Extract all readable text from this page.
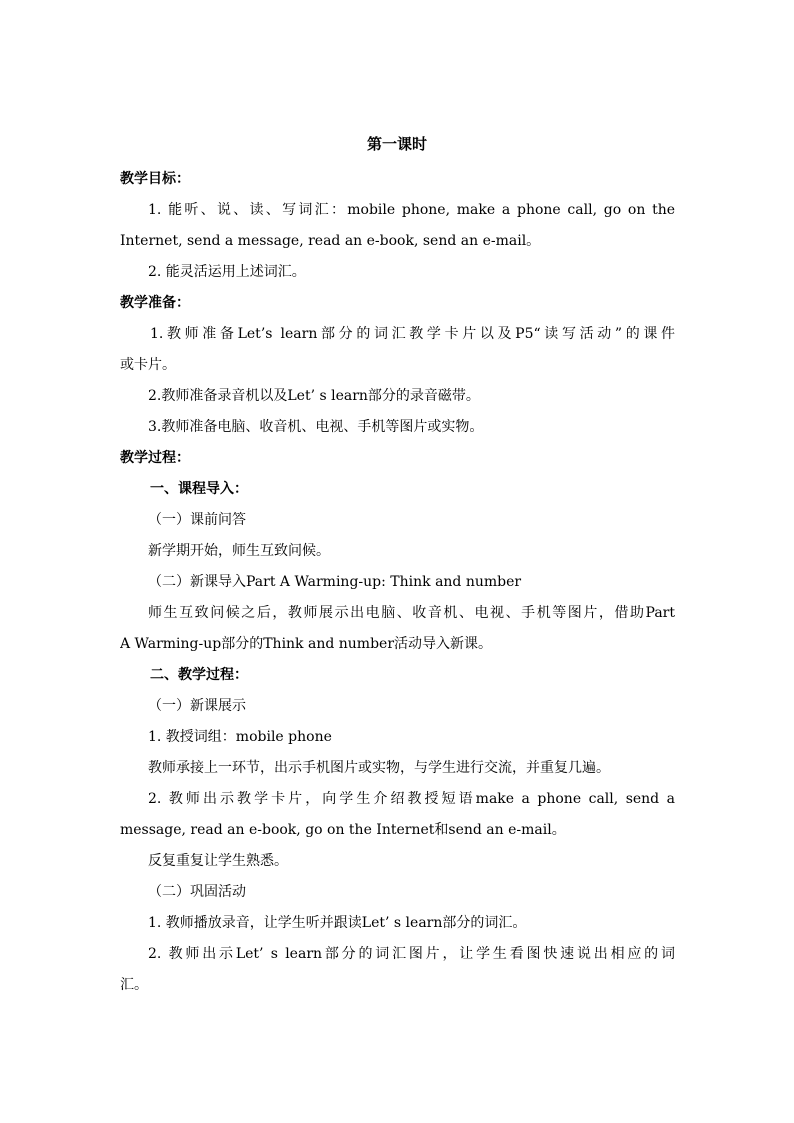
第一课时
教学目标：
1. 能听、说、读、写词汇：mobile phone, make a phone call, go on the
Internet, send a message, read an e-book, send an e-mail。
2. 能灵活运用上述词汇。
教学准备：
1.教师准备Let’s learn部分的词汇教学卡片以及P5“读写活动”的课件
或卡片。
2.教师准备录音机以及Let’ s learn部分的录音磁带。
3.教师准备电脑、收音机、电视、手机等图片或实物。
教学过程：
一、课程导入：
（一）课前问答
新学期开始，师生互致问候。
（二）新课导入Part A Warming-up: Think and number
师生互致问候之后，教师展示出电脑、收音机、电视、手机等图片，借助Part
A Warming-up部分的Think and number活动导入新课。
二、教学过程：
（一）新课展示
1. 教授词组：mobile phone
教师承接上一环节，出示手机图片或实物，与学生进行交流，并重复几遍。
2. 教师出示教学卡片，向学生介绍教授短语make a phone call, send a
message, read an e-book, go on the Internet和send an e-mail。
反复重复让学生熟悉。
（二）巩固活动
1. 教师播放录音，让学生听并跟读Let’ s learn部分的词汇。
2. 教师出示Let’ s learn部分的词汇图片，让学生看图快速说出相应的词
汇。
